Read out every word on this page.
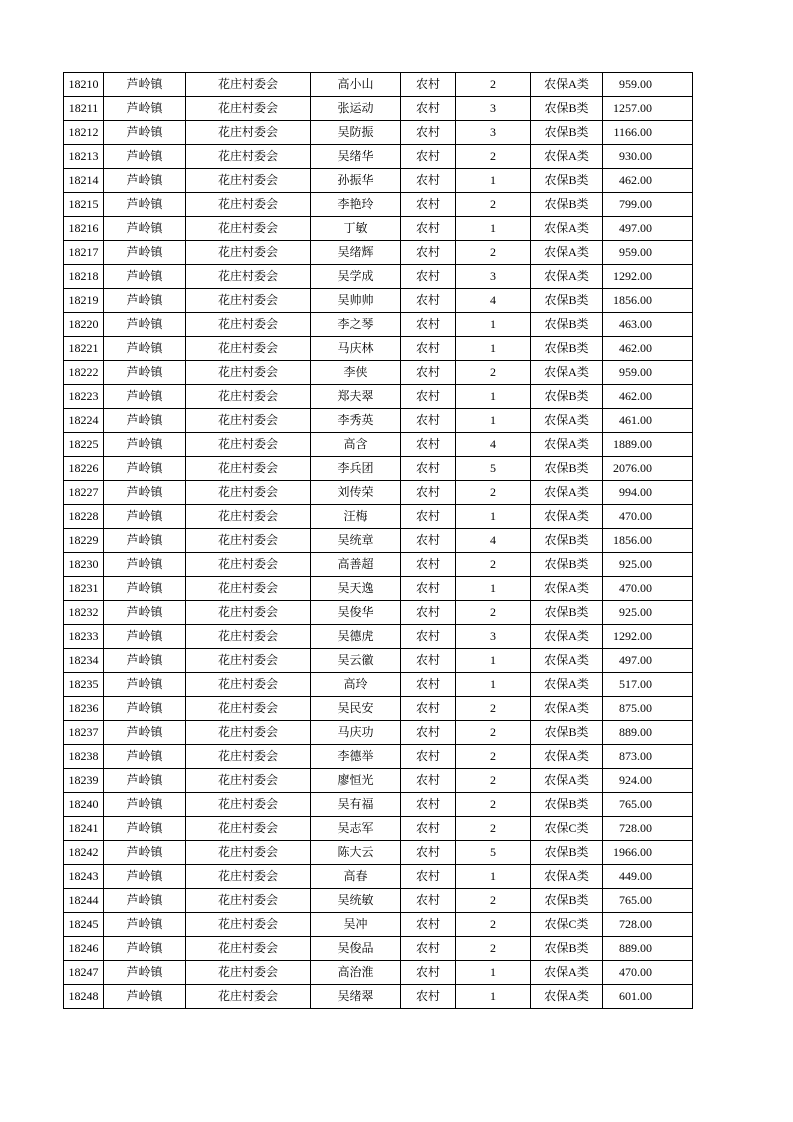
18210	芦岭镇	花庄村委会	高小山	农村	2	农保A类	959.00
18211	芦岭镇	花庄村委会	张运动	农村	3	农保B类	1257.00
18212	芦岭镇	花庄村委会	吴防振	农村	3	农保B类	1166.00
18213	芦岭镇	花庄村委会	吴绪华	农村	2	农保A类	930.00
18214	芦岭镇	花庄村委会	孙振华	农村	1	农保B类	462.00
18215	芦岭镇	花庄村委会	李艳玲	农村	2	农保B类	799.00
18216	芦岭镇	花庄村委会	丁敏	农村	1	农保A类	497.00
18217	芦岭镇	花庄村委会	吴绪辉	农村	2	农保A类	959.00
18218	芦岭镇	花庄村委会	吴学成	农村	3	农保A类	1292.00
18219	芦岭镇	花庄村委会	吴帅帅	农村	4	农保B类	1856.00
18220	芦岭镇	花庄村委会	李之琴	农村	1	农保B类	463.00
18221	芦岭镇	花庄村委会	马庆林	农村	1	农保B类	462.00
18222	芦岭镇	花庄村委会	李侠	农村	2	农保A类	959.00
18223	芦岭镇	花庄村委会	郑夫翠	农村	1	农保B类	462.00
18224	芦岭镇	花庄村委会	李秀英	农村	1	农保A类	461.00
18225	芦岭镇	花庄村委会	高含	农村	4	农保A类	1889.00
18226	芦岭镇	花庄村委会	李兵团	农村	5	农保B类	2076.00
18227	芦岭镇	花庄村委会	刘传荣	农村	2	农保A类	994.00
18228	芦岭镇	花庄村委会	汪梅	农村	1	农保A类	470.00
18229	芦岭镇	花庄村委会	吴统章	农村	4	农保B类	1856.00
18230	芦岭镇	花庄村委会	高善超	农村	2	农保B类	925.00
18231	芦岭镇	花庄村委会	吴天逸	农村	1	农保A类	470.00
18232	芦岭镇	花庄村委会	吴俊华	农村	2	农保B类	925.00
18233	芦岭镇	花庄村委会	吴德虎	农村	3	农保A类	1292.00
18234	芦岭镇	花庄村委会	吴云徽	农村	1	农保A类	497.00
18235	芦岭镇	花庄村委会	高玲	农村	1	农保A类	517.00
18236	芦岭镇	花庄村委会	吴民安	农村	2	农保A类	875.00
18237	芦岭镇	花庄村委会	马庆功	农村	2	农保B类	889.00
18238	芦岭镇	花庄村委会	李德举	农村	2	农保A类	873.00
18239	芦岭镇	花庄村委会	廖恒光	农村	2	农保A类	924.00
18240	芦岭镇	花庄村委会	吴有福	农村	2	农保B类	765.00
18241	芦岭镇	花庄村委会	吴志军	农村	2	农保C类	728.00
18242	芦岭镇	花庄村委会	陈大云	农村	5	农保B类	1966.00
18243	芦岭镇	花庄村委会	高春	农村	1	农保A类	449.00
18244	芦岭镇	花庄村委会	吴统敏	农村	2	农保B类	765.00
18245	芦岭镇	花庄村委会	吴冲	农村	2	农保C类	728.00
18246	芦岭镇	花庄村委会	吴俊品	农村	2	农保B类	889.00
18247	芦岭镇	花庄村委会	高治淮	农村	1	农保A类	470.00
18248	芦岭镇	花庄村委会	吴绪翠	农村	1	农保A类	601.00
